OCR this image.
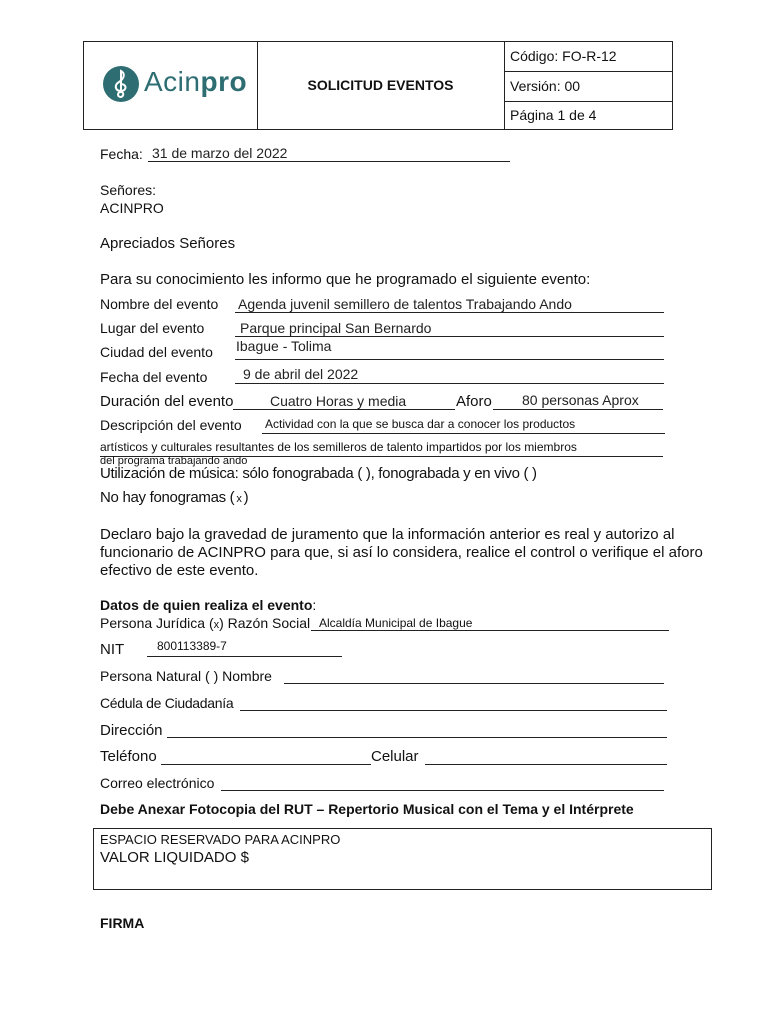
Acinpro	SOLICITUD EVENTOS
Código: FO-R-12
Versión: 00
Página 1 de 4
Fecha: 31 de marzo del 2022
Señores:
ACINPRO
Apreciados Señores
Para su conocimiento les informo que he programado el siguiente evento:
Nombre del evento Agenda juvenil semillero de talentos Trabajando Ando
Lugar del evento	Parque principal San Bernardo
Ciudad del evento Ibague - Tolima
Fecha del evento	9 de abril del 2022
Duración del evento	Cuatro Horas y media	Aforo 80 personas Aprox
Descripción del evento Actividad con la que se busca dar a conocer los productos
artísticos y culturales resultantes de los semilleros de talento impartidos por los miembros
del programa trabajando ando
Utilización de música: sólo fonograbada ( ), fonograbada y en vivo ( )
No hay fonogramas ( x )
Declaro bajo la gravedad de juramento que la información anterior es real y autorizo al
funcionario de ACINPRO para que, si así lo considera, realice el control o verifique el aforo
efectivo de este evento.
Datos de quien realiza el evento:
Persona Jurídica (x) Razón Social Alcaldía Municipal de Ibague
NIT	800113389-7
Persona Natural ( ) Nombre
Cédula de Ciudadanía
Dirección
Teléfono	Celular
Correo electrónico
Debe Anexar Fotocopia del RUT – Repertorio Musical con el Tema y el Intérprete
ESPACIO RESERVADO PARA ACINPRO
VALOR LIQUIDADO $
FIRMA
